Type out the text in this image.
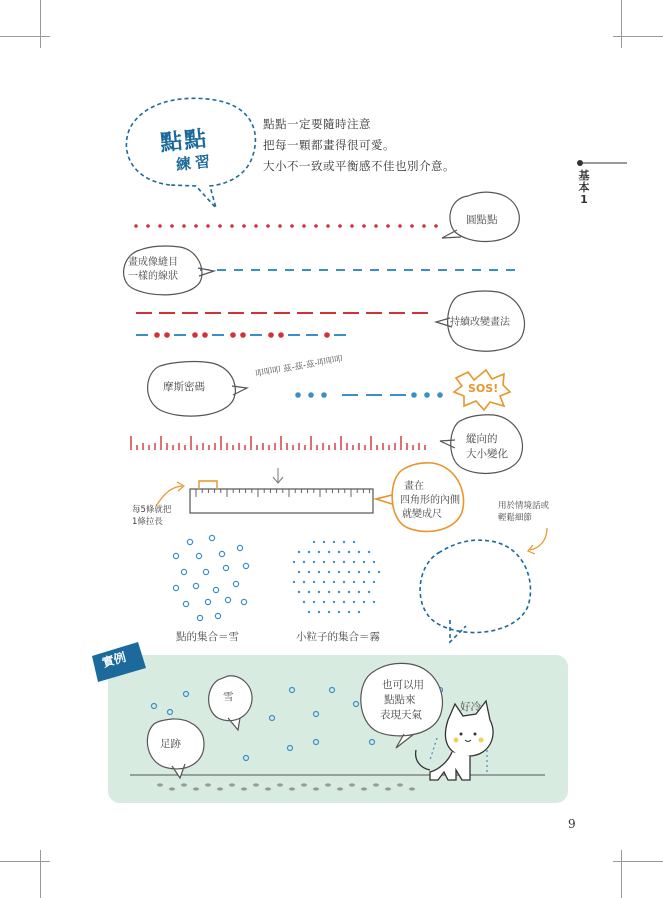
點點
練習
點點一定要隨時注意
把每一顆都畫得很可愛。
大小不一致或平衡感不佳也別介意。
基
本
1
圓點點
畫成像縫目
一樣的線狀
持續改變畫法
摩斯密碼
叩叩叩 茲-茲-茲-叩叩叩
SOS!
縱向的
大小變化
畫在
四角形的內側
就變成尺
每5條就把
1條拉長
用於情境話或
輕鬆細節
點的集合＝雪	小粒子的集合＝霧
實例
雪
足跡
也可以用
點點來
表現天氣
好冷
9
